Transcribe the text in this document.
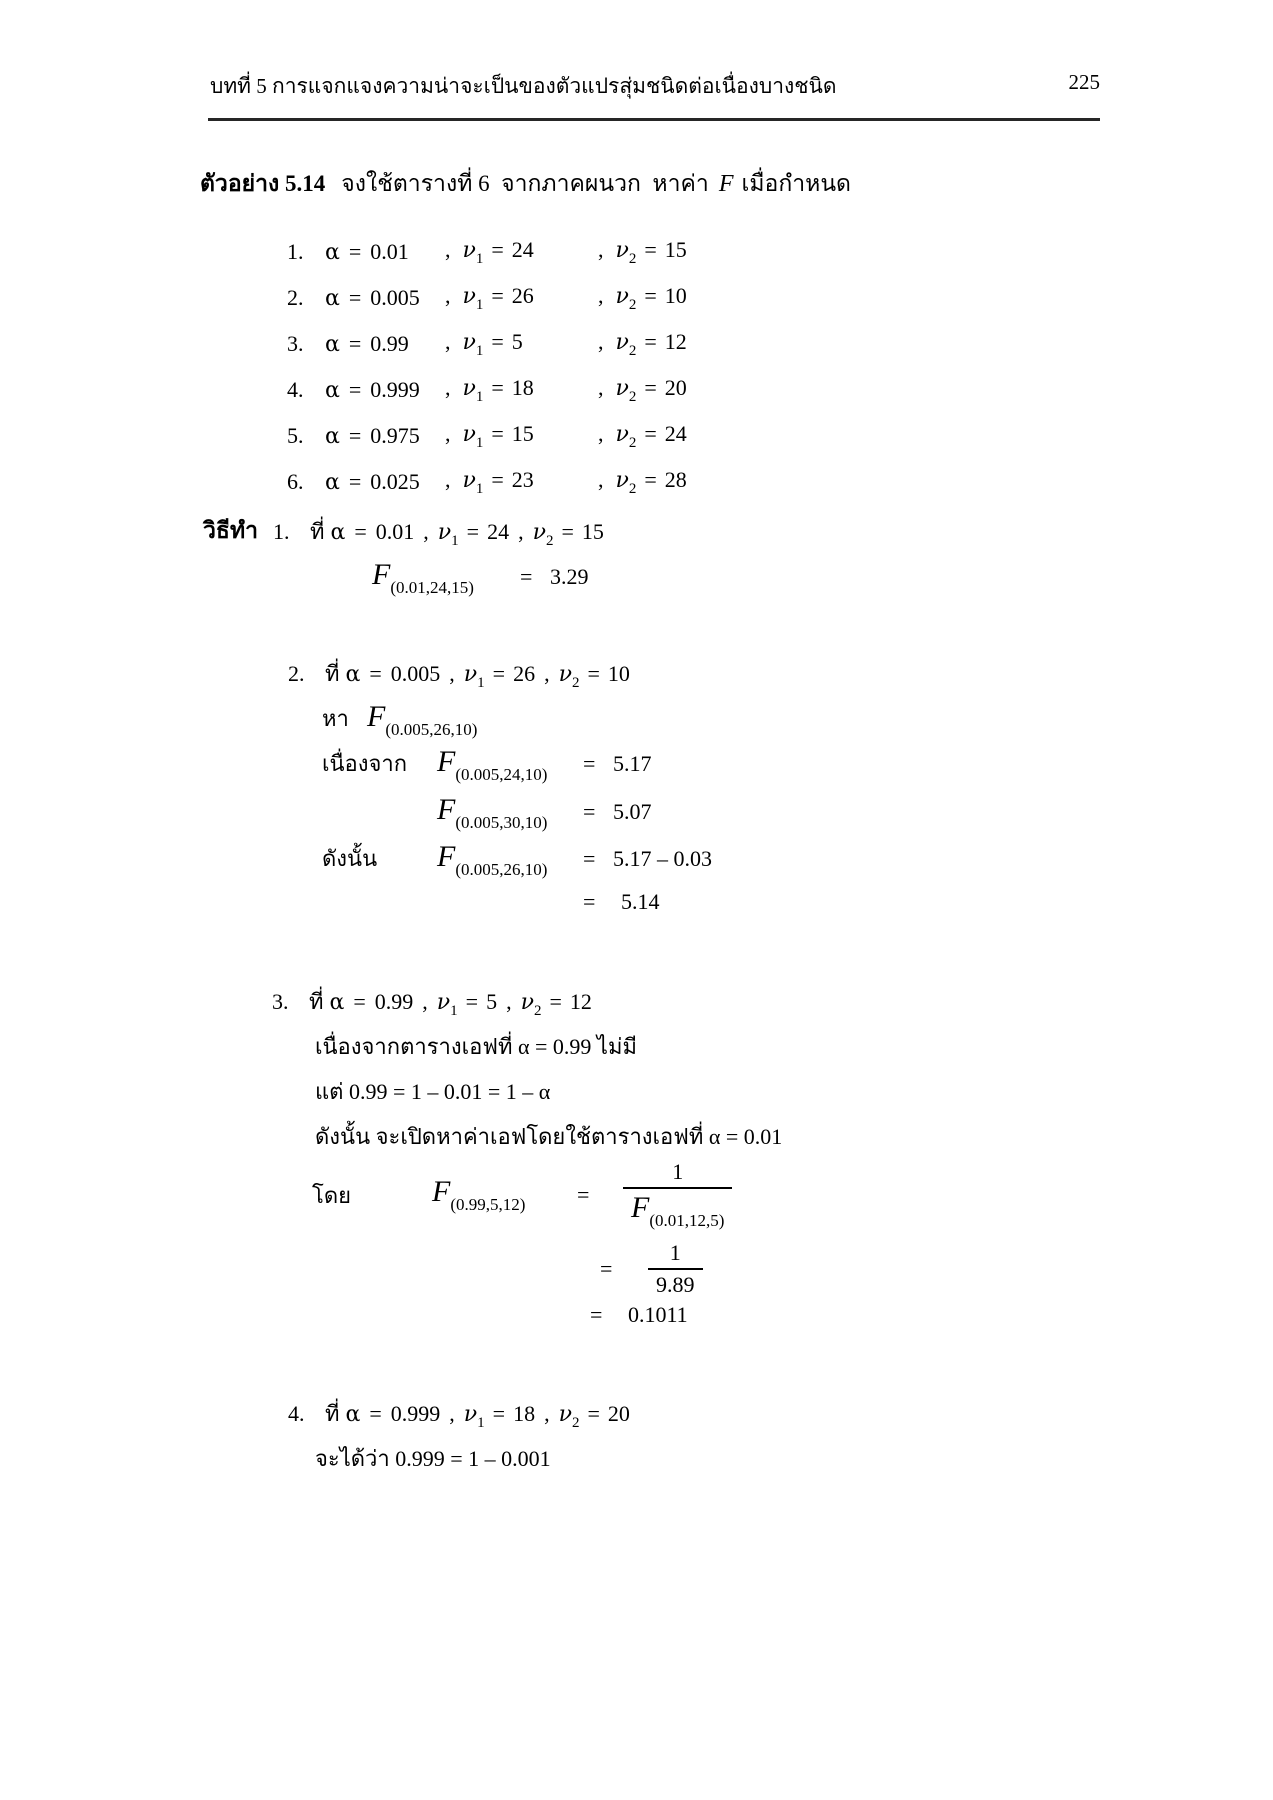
บทที่ 5 การแจกแจงความน่าจะเป็นของตัวแปรสุ่มชนิดต่อเนื่องบางชนิด	225
ตัวอย่าง 5.14 จงใช้ตารางที่ 6  จากภาคผนวก  หาค่า F เมื่อกำหนด
1. α = 0.01	, $\nu_1 = 24$	, $\nu_2 = 15$
2. α = 0.005	, $\nu_1 = 26$	, $\nu_2 = 10$
3. α = 0.99	, $\nu_1 = 5$	, $\nu_2 = 12$
4. α = 0.999	, $\nu_1 = 18$	, $\nu_2 = 20$
5. α = 0.975	, $\nu_1 = 15$	, $\nu_2 = 24$
6. α = 0.025	, $\nu_1 = 23$	, $\nu_2 = 28$
วิธีทำ 1. ที่ α = 0.01 , $\nu_1 = 24$ , $\nu_2 = 15$
$F_{(0.01,24,15)} = 3.29$
2. ที่ α = 0.005 , $\nu_1 = 26$ , $\nu_2 = 10$
หา $F_{(0.005,26,10)}$
เนื่องจาก $F_{(0.005,24,10)} = 5.17$
$F_{(0.005,30,10)} = 5.07$
ดังนั้น $F_{(0.005,26,10)} = 5.17 - 0.03$
= 5.14
3. ที่ α = 0.99 , $\nu_1 = 5$ , $\nu_2 = 12$
เนื่องจากตารางเอฟที่ α = 0.99 ไม่มี
แต่ 0.99 = 1 – 0.01 = 1 – α
ดังนั้น จะเปิดหาค่าเอฟโดยใช้ตารางเอฟที่ α = 0.01
โดย	$F_{(0.99,5,12)}$	=	$\frac{1}{F_{(0.01,12,5)}}$
=	$\frac{1}{9.89}$
= 0.1011
4. ที่ α = 0.999 , $\nu_1 = 18$ , $\nu_2 = 20$
จะได้ว่า 0.999 = 1 – 0.001
